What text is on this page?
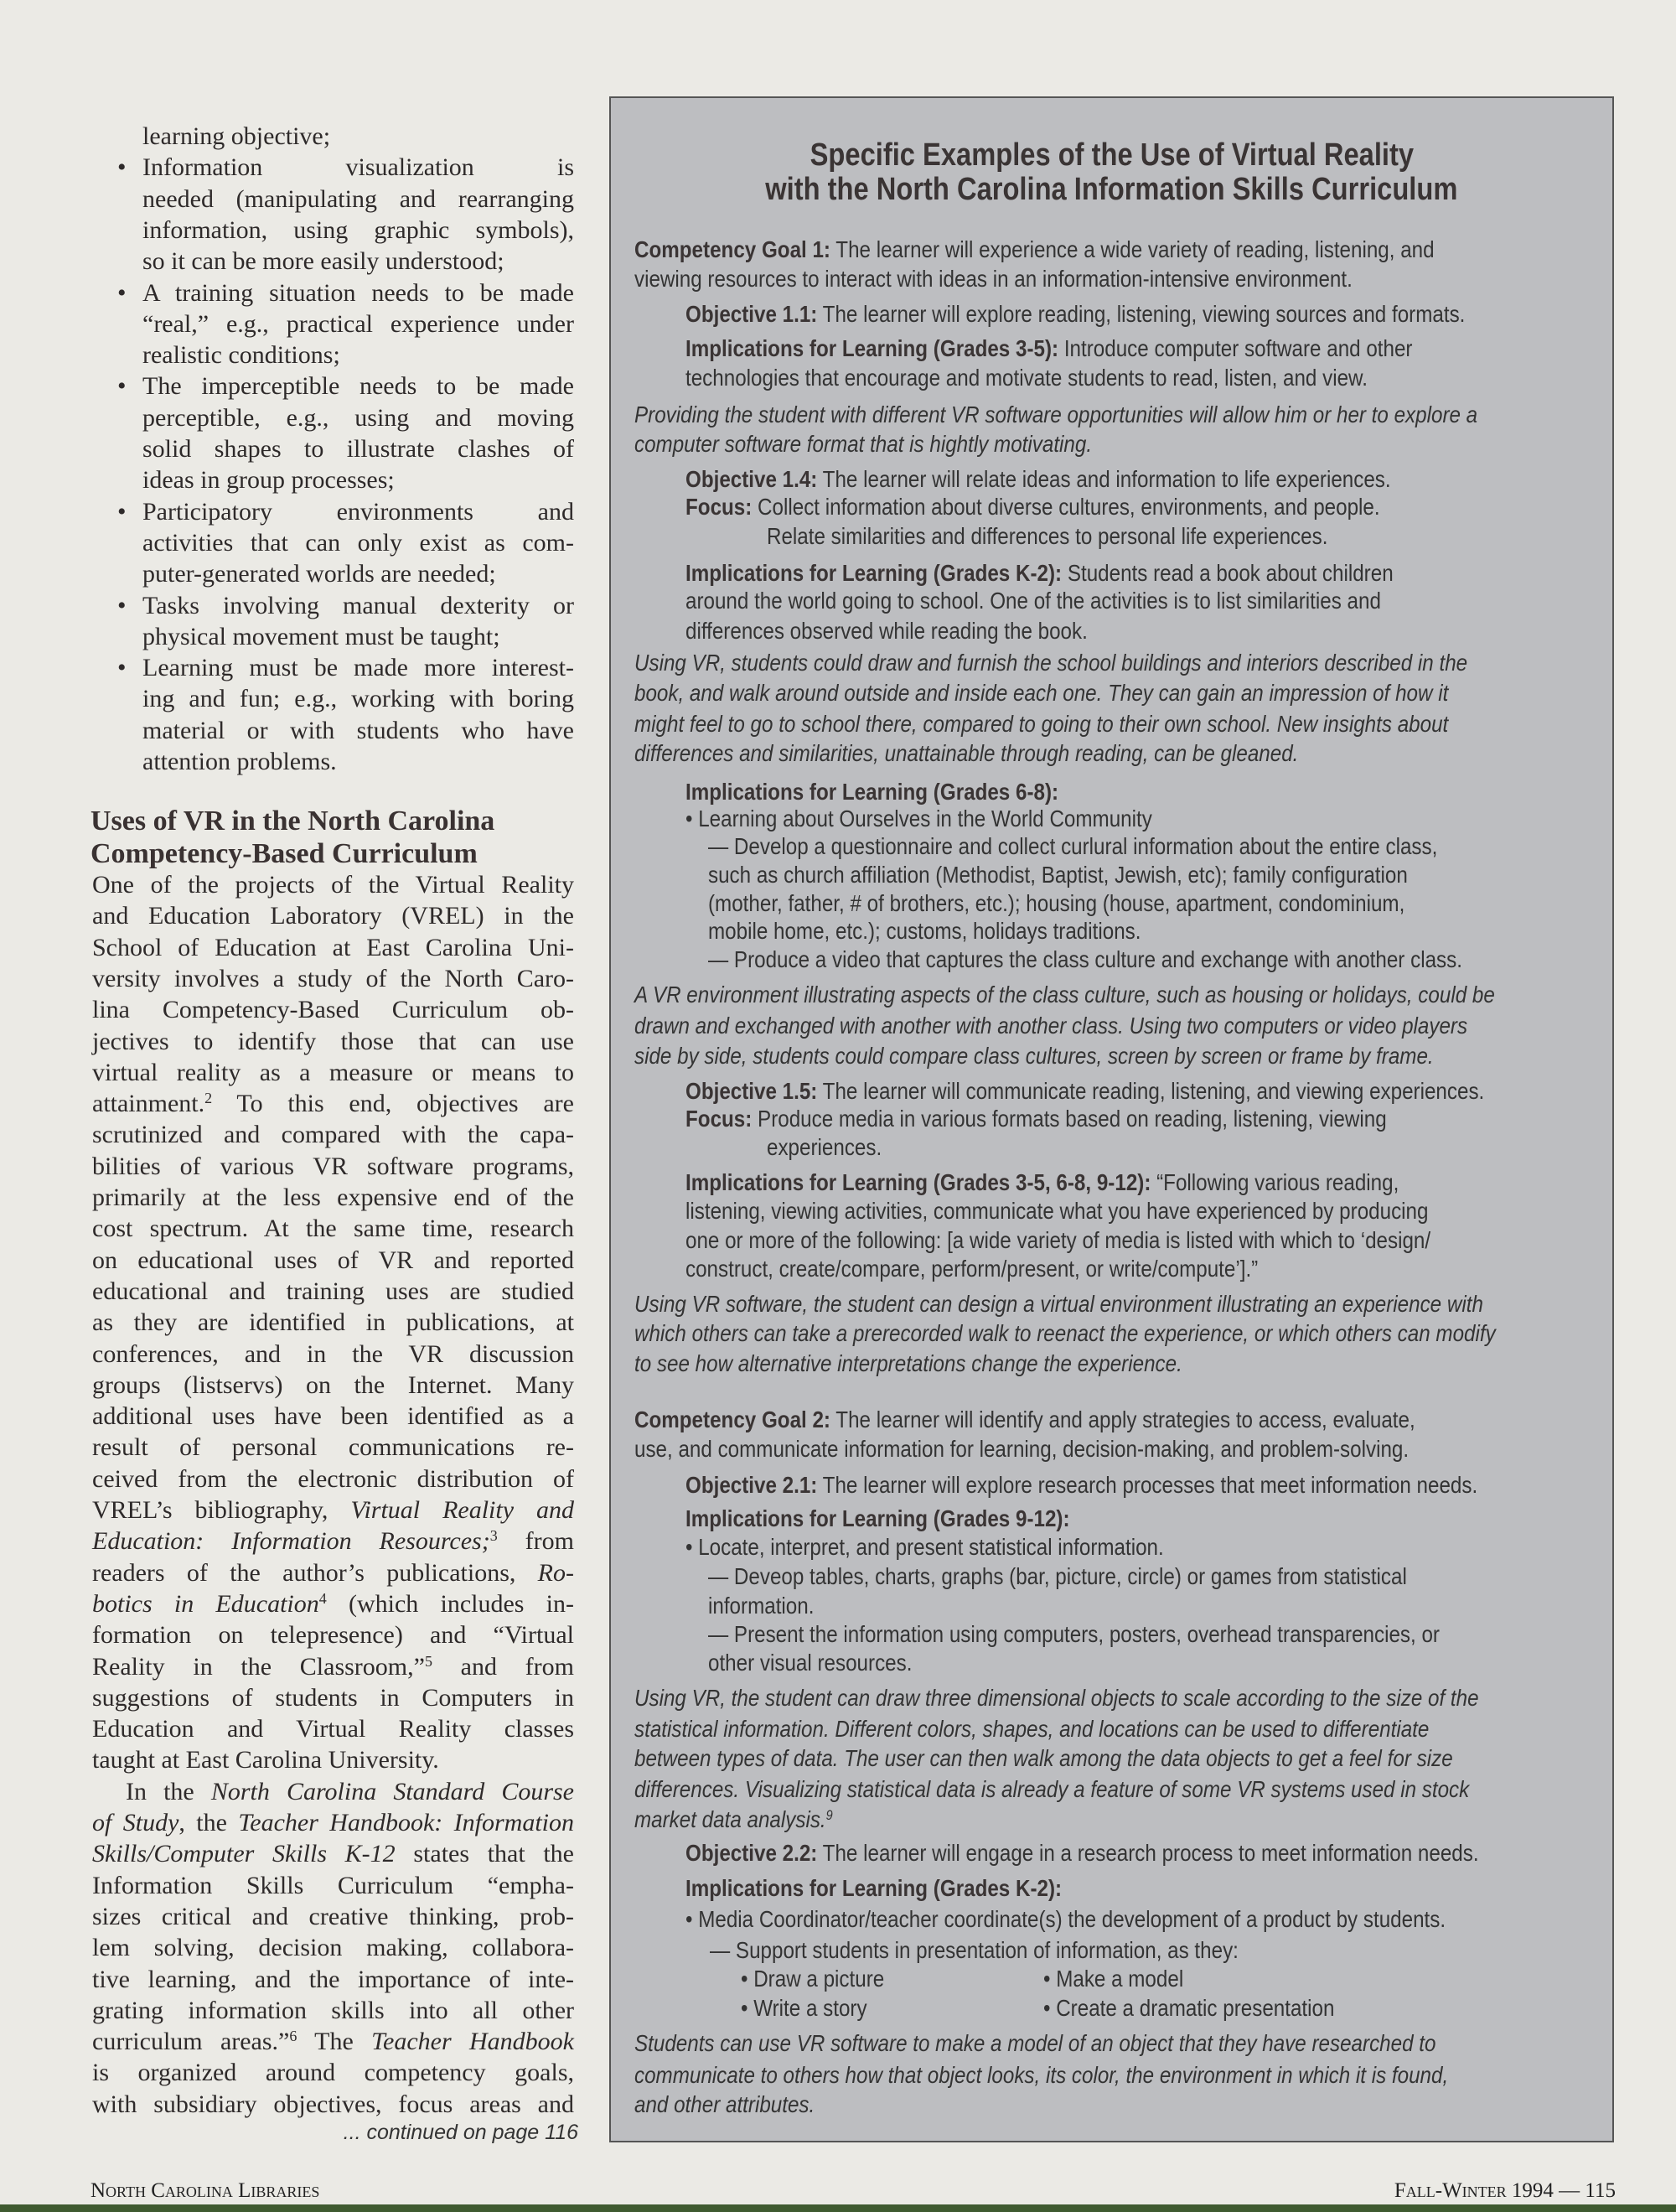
learning objective;
• Information visualization is
needed (manipulating and rearranging
information, using graphic symbols),
so it can be more easily understood;
• A training situation needs to be made
“real,” e.g., practical experience under
realistic conditions;
• The imperceptible needs to be made
perceptible, e.g., using and moving
solid shapes to illustrate clashes of
ideas in group processes;
• Participatory environments and
activities that can only exist as com-
puter-generated worlds are needed;
• Tasks involving manual dexterity or
physical movement must be taught;
• Learning must be made more interest-
ing and fun; e.g., working with boring
material or with students who have
attention problems.
One of the projects of the Virtual Reality
and Education Laboratory (VREL) in the
School of Education at East Carolina Uni-
versity involves a study of the North Caro-
lina Competency-Based Curriculum ob-
jectives to identify those that can use
virtual reality as a measure or means to
attainment.$^2$ To this end, objectives are
scrutinized and compared with the capa-
bilities of various VR software programs,
primarily at the less expensive end of the
cost spectrum. At the same time, research
on educational uses of VR and reported
educational and training uses are studied
as they are identified in publications, at
conferences, and in the VR discussion
groups (listservs) on the Internet. Many
additional uses have been identified as a
result of personal communications re-
ceived from the electronic distribution of
VREL’s bibliography, Virtual Reality and
Education: Information Resources;$^3$ from
readers of the author’s publications, Ro-
botics in Education$^4$ (which includes in-
formation on telepresence) and “Virtual
Reality in the Classroom,”$^5$ and from
suggestions of students in Computers in
Education and Virtual Reality classes
taught at East Carolina University.
In the North Carolina Standard Course
of Study, the Teacher Handbook: Information
Skills/Computer Skills K-12 states that the
Information Skills Curriculum “empha-
sizes critical and creative thinking, prob-
lem solving, decision making, collabora-
tive learning, and the importance of inte-
grating information skills into all other
curriculum areas.”$^6$ The Teacher Handbook
is organized around competency goals,
with subsidiary objectives, focus areas and
Uses of VR in the North Carolina
Competency-Based Curriculum
... continued on page 116
Specific Examples of the Use of Virtual Reality
with the North Carolina Information Skills Curriculum
Competency Goal 1: The learner will experience a wide variety of reading, listening, and
viewing resources to interact with ideas in an information-intensive environment.
Objective 1.1: The learner will explore reading, listening, viewing sources and formats.
Implications for Learning (Grades 3-5): Introduce computer software and other
technologies that encourage and motivate students to read, listen, and view.
Providing the student with different VR software opportunities will allow him or her to explore a
computer software format that is hightly motivating.
Objective 1.4: The learner will relate ideas and information to life experiences.
Focus: Collect information about diverse cultures, environments, and people.
Relate similarities and differences to personal life experiences.
Implications for Learning (Grades K-2): Students read a book about children
around the world going to school. One of the activities is to list similarities and
differences observed while reading the book.
Using VR, students could draw and furnish the school buildings and interiors described in the
book, and walk around outside and inside each one. They can gain an impression of how it
might feel to go to school there, compared to going to their own school. New insights about
differences and similarities, unattainable through reading, can be gleaned.
Implications for Learning (Grades 6-8):
• Learning about Ourselves in the World Community
— Develop a questionnaire and collect curlural information about the entire class,
such as church affiliation (Methodist, Baptist, Jewish, etc); family configuration
(mother, father, # of brothers, etc.); housing (house, apartment, condominium,
mobile home, etc.); customs, holidays traditions.
— Produce a video that captures the class culture and exchange with another class.
A VR environment illustrating aspects of the class culture, such as housing or holidays, could be
drawn and exchanged with another with another class. Using two computers or video players
side by side, students could compare class cultures, screen by screen or frame by frame.
Objective 1.5: The learner will communicate reading, listening, and viewing experiences.
Focus: Produce media in various formats based on reading, listening, viewing
experiences.
Implications for Learning (Grades 3-5, 6-8, 9-12): “Following various reading,
listening, viewing activities, communicate what you have experienced by producing
one or more of the following: [a wide variety of media is listed with which to ‘design/
construct, create/compare, perform/present, or write/compute’].”
Using VR software, the student can design a virtual environment illustrating an experience with
which others can take a prerecorded walk to reenact the experience, or which others can modify
to see how alternative interpretations change the experience.
Competency Goal 2: The learner will identify and apply strategies to access, evaluate,
use, and communicate information for learning, decision-making, and problem-solving.
Objective 2.1: The learner will explore research processes that meet information needs.
Implications for Learning (Grades 9-12):
• Locate, interpret, and present statistical information.
— Deveop tables, charts, graphs (bar, picture, circle) or games from statistical
information.
— Present the information using computers, posters, overhead transparencies, or
other visual resources.
Using VR, the student can draw three dimensional objects to scale according to the size of the
statistical information. Different colors, shapes, and locations can be used to differentiate
between types of data. The user can then walk among the data objects to get a feel for size
differences. Visualizing statistical data is already a feature of some VR systems used in stock
market data analysis.$^9$
Objective 2.2: The learner will engage in a research process to meet information needs.
Implications for Learning (Grades K-2):
• Media Coordinator/teacher coordinate(s) the development of a product by students.
— Support students in presentation of information, as they:
• Draw a picture
• Write a story
• Make a model
• Create a dramatic presentation
Students can use VR software to make a model of an object that they have researched to
communicate to others how that object looks, its color, the environment in which it is found,
and other attributes.
North Carolina Libraries	Fall-Winter 1994 — 115
